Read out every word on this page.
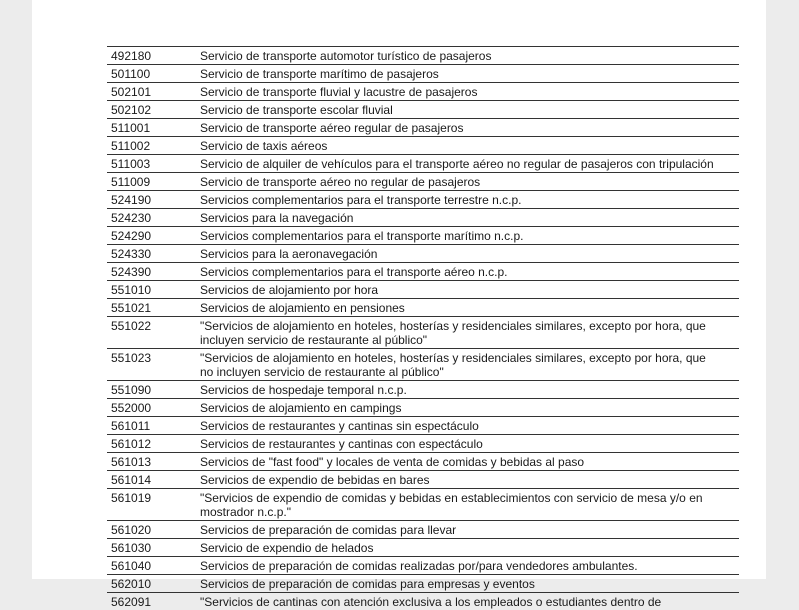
492180	Servicio de transporte automotor turístico de pasajeros
501100	Servicio de transporte marítimo de pasajeros
502101	Servicio de transporte fluvial y lacustre de pasajeros
502102	Servicio de transporte escolar fluvial
511001	Servicio de transporte aéreo regular de pasajeros
511002	Servicio de taxis aéreos
511003	Servicio de alquiler de vehículos para el transporte aéreo no regular de pasajeros con tripulación
511009	Servicio de transporte aéreo no regular de pasajeros
524190	Servicios complementarios para el transporte terrestre n.c.p.
524230	Servicios para la navegación
524290	Servicios complementarios para el transporte marítimo n.c.p.
524330	Servicios para la aeronavegación
524390	Servicios complementarios para el transporte aéreo n.c.p.
551010	Servicios de alojamiento por hora
551021	Servicios de alojamiento en pensiones
551022	"Servicios de alojamiento en hoteles, hosterías y residenciales similares, excepto por hora, que incluyen servicio de restaurante al público"
551023	"Servicios de alojamiento en hoteles, hosterías y residenciales similares, excepto por hora, que no incluyen servicio de restaurante al público"
551090	Servicios de hospedaje temporal n.c.p.
552000	Servicios de alojamiento en campings
561011	Servicios de restaurantes y cantinas sin espectáculo
561012	Servicios de restaurantes y cantinas con espectáculo
561013	Servicios de "fast food" y locales de venta de comidas y bebidas al paso
561014	Servicios de expendio de bebidas en bares
561019	"Servicios de expendio de comidas y bebidas en establecimientos con servicio de mesa y/o en mostrador n.c.p."
561020	Servicios de preparación de comidas para llevar
561030	Servicio de expendio de helados
561040	Servicios de preparación de comidas realizadas por/para vendedores ambulantes.
562010	Servicios de preparación de comidas para empresas y eventos
562091	"Servicios de cantinas con atención exclusiva a los empleados o estudiantes dentro de
